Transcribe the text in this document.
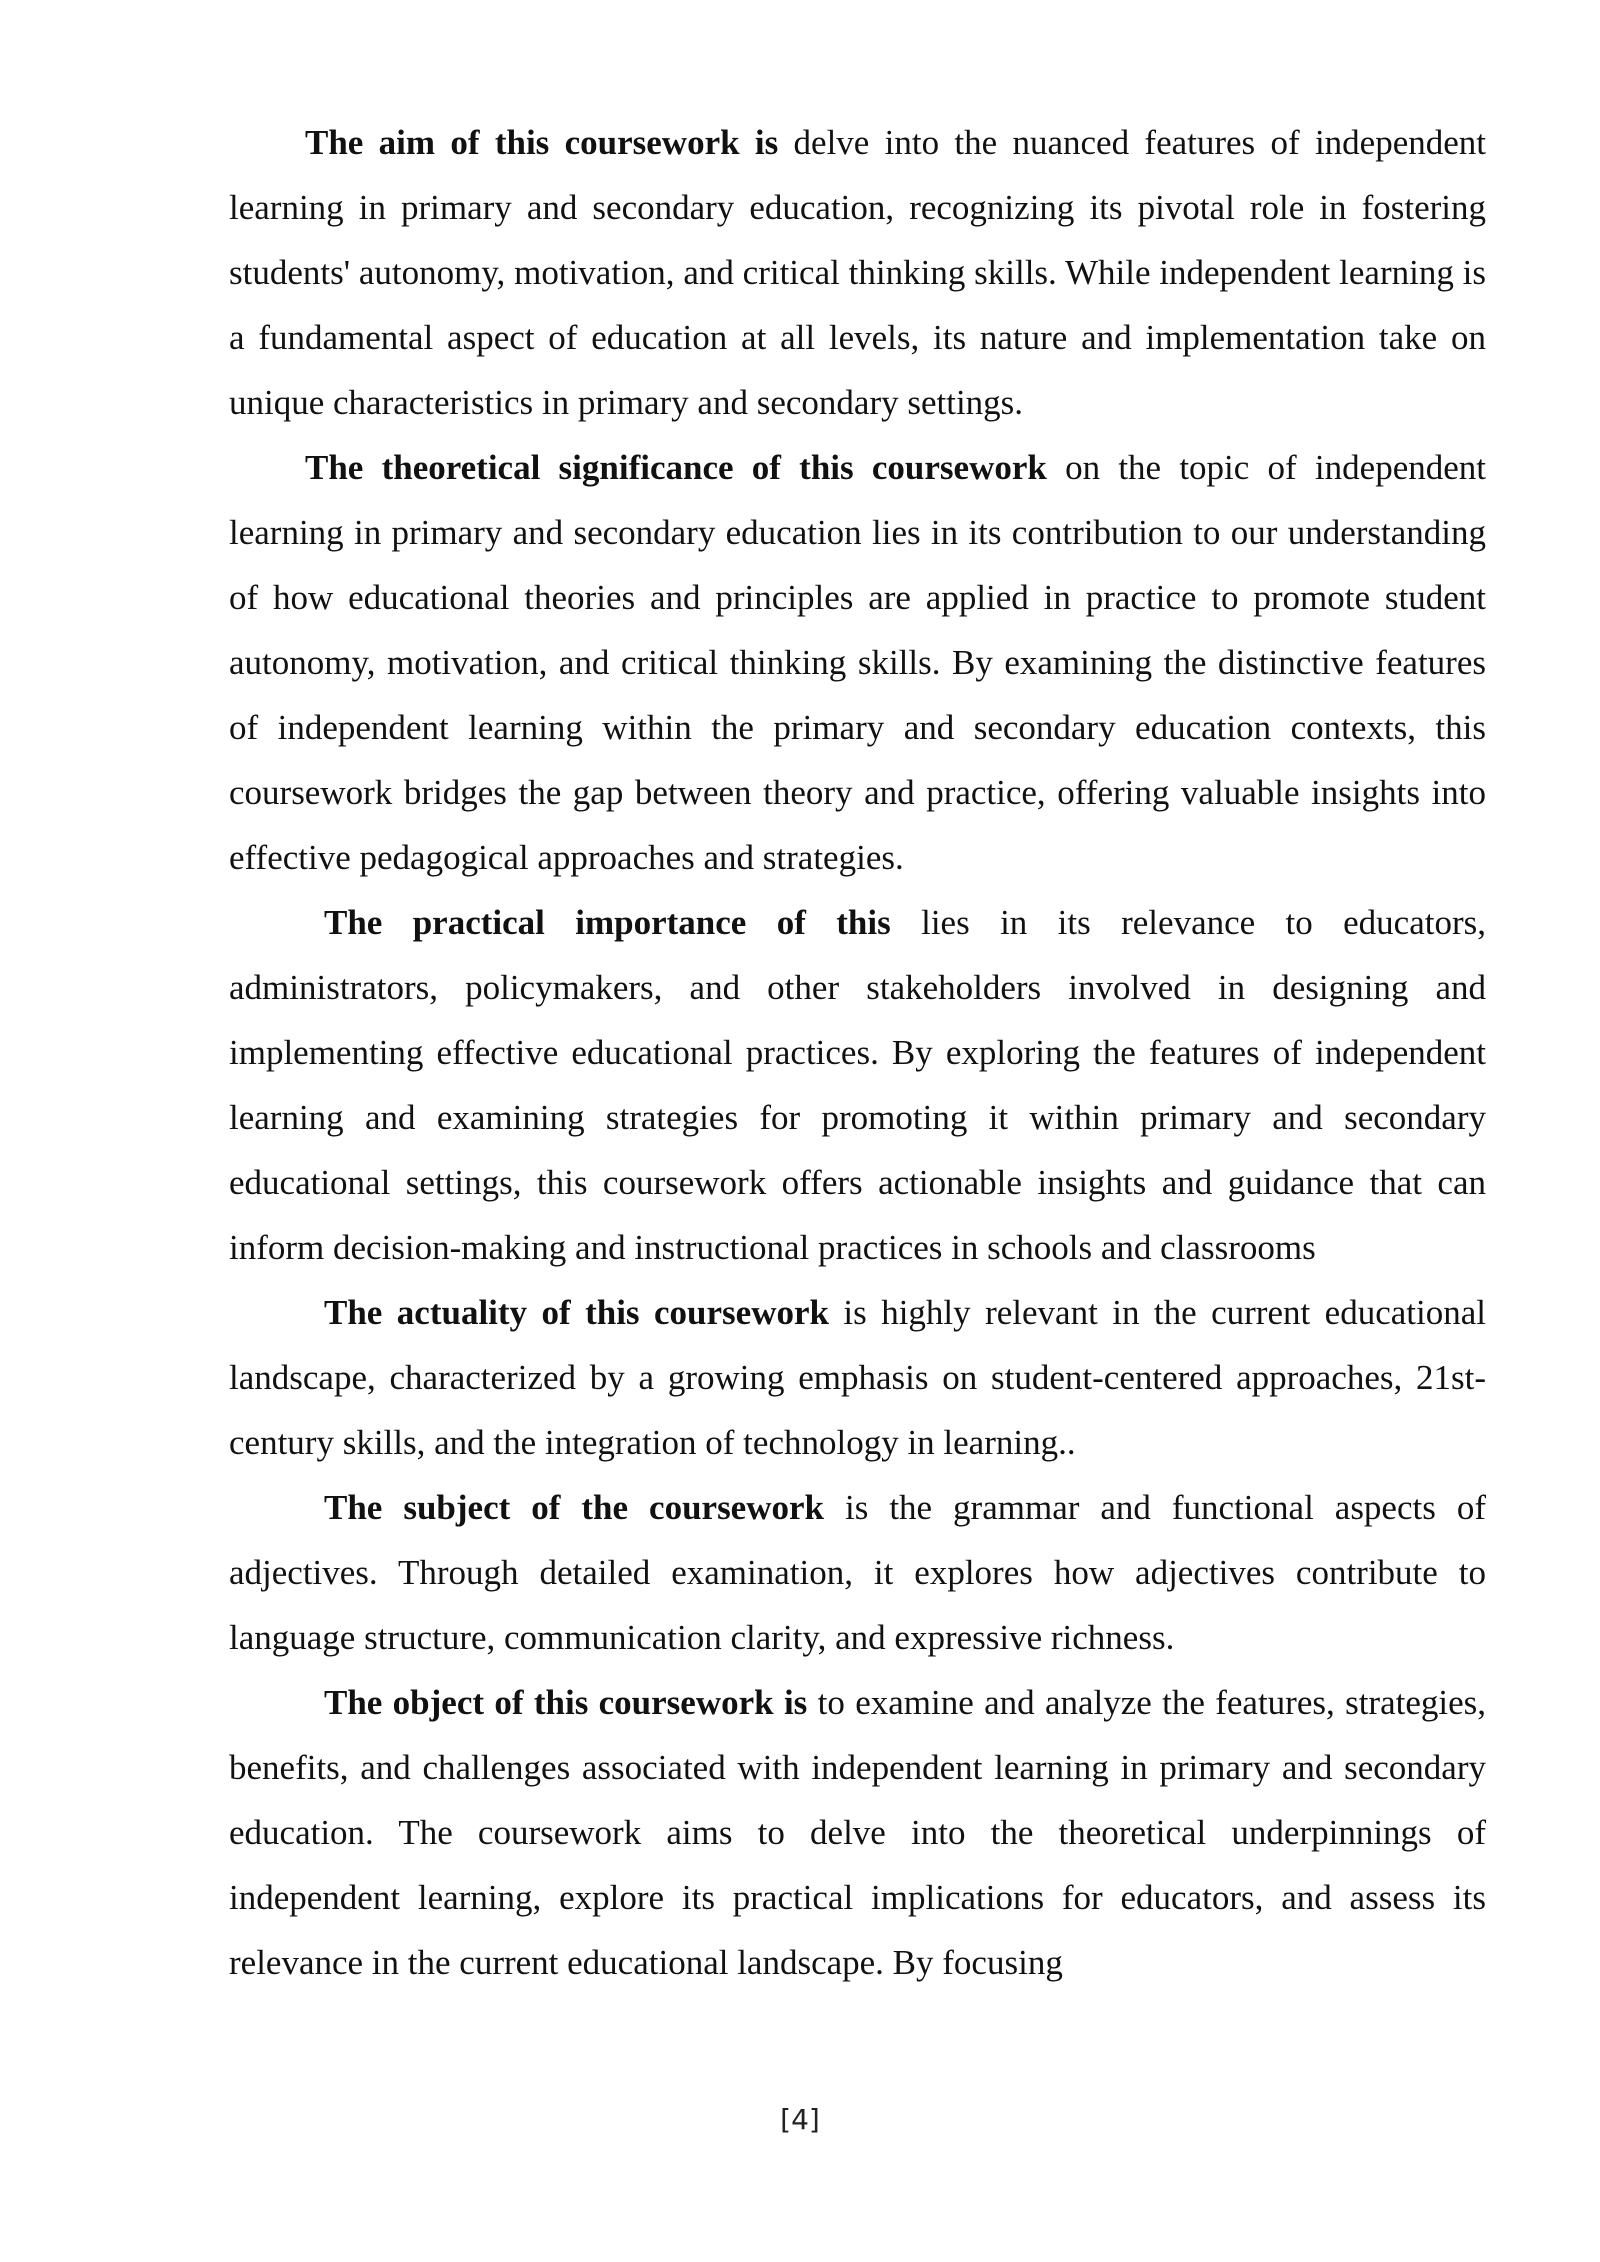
The aim of this coursework is delve into the nuanced features of independent learning in primary and secondary education, recognizing its pivotal role in fostering students' autonomy, motivation, and critical thinking skills. While independent learning is a fundamental aspect of education at all levels, its nature and implementation take on unique characteristics in primary and secondary settings.

The theoretical significance of this coursework on the topic of independent learning in primary and secondary education lies in its contribution to our understanding of how educational theories and principles are applied in practice to promote student autonomy, motivation, and critical thinking skills. By examining the distinctive features of independent learning within the primary and secondary education contexts, this coursework bridges the gap between theory and practice, offering valuable insights into effective pedagogical approaches and strategies.

The practical importance of this lies in its relevance to educators, administrators, policymakers, and other stakeholders involved in designing and implementing effective educational practices. By exploring the features of independent learning and examining strategies for promoting it within primary and secondary educational settings, this coursework offers actionable insights and guidance that can inform decision-making and instructional practices in schools and classrooms

The actuality of this coursework is highly relevant in the current educational landscape, characterized by a growing emphasis on student-centered approaches, 21st-century skills, and the integration of technology in learning..

The subject of the coursework is the grammar and functional aspects of adjectives. Through detailed examination, it explores how adjectives contribute to language structure, communication clarity, and expressive richness.

The object of this coursework is to examine and analyze the features, strategies, benefits, and challenges associated with independent learning in primary and secondary education. The coursework aims to delve into the theoretical underpinnings of independent learning, explore its practical implications for educators, and assess its relevance in the current educational landscape. By focusing

[4]
